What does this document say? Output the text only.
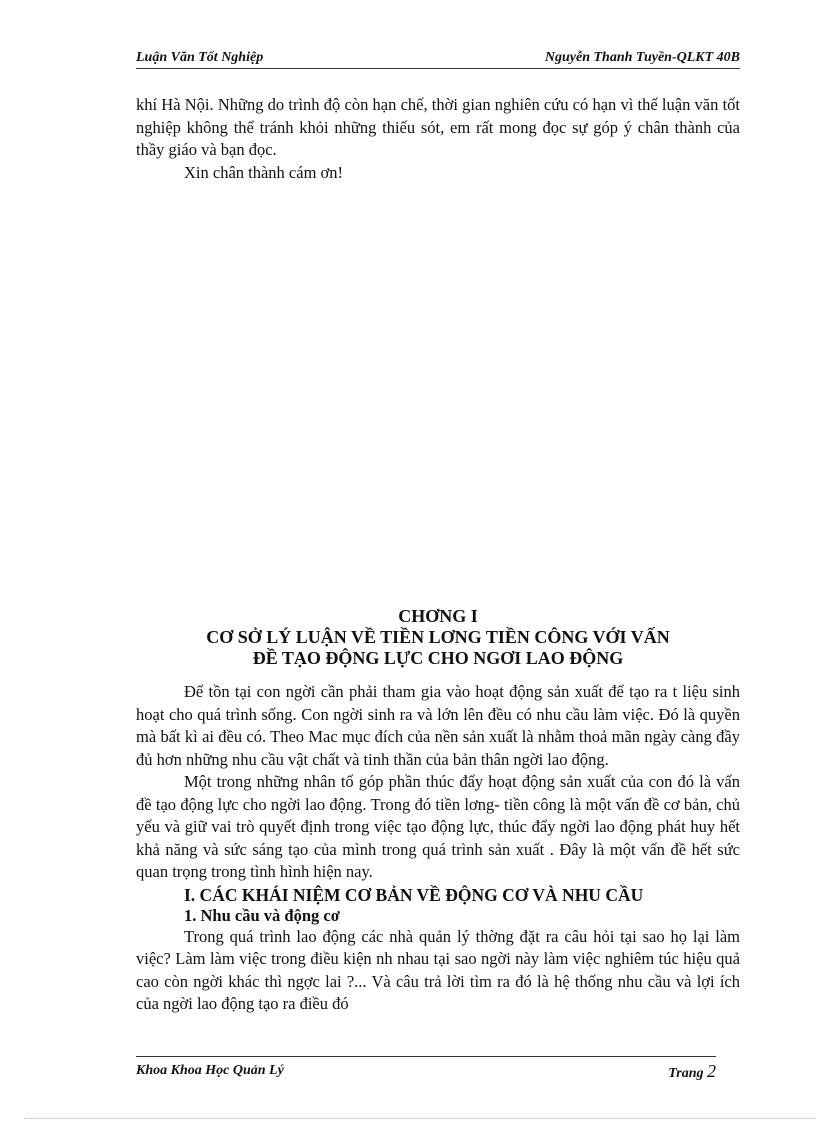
Luận Văn Tốt Nghiệp	Nguyễn Thanh Tuyền-QLKT 40B

khí Hà Nội. Những do trình độ còn hạn chế, thời gian nghiên cứu có hạn vì thế luận văn tốt nghiệp không thể tránh khỏi những thiếu sót, em rất mong đọc sự góp ý chân thành của thầy giáo và bạn đọc.

Xin chân thành cám ơn!

CHƠNG I
CƠ SỞ LÝ LUẬN VỀ TIỀN LƠNG TIỀN CÔNG VỚI VẤN
ĐỀ TẠO ĐỘNG LỰC CHO NGƠI LAO ĐỘNG

Để tồn tại con ngời cần phải tham gia vào hoạt động sản xuất để tạo ra t liệu sinh hoạt cho quá trình sống. Con ngời sinh ra và lớn lên đều có nhu cầu làm việc. Đó là quyền mà bất kì ai đều có. Theo Mac mục đích của nền sản xuất là nhằm thoả mãn ngày càng đầy đủ hơn những nhu cầu vật chất và tinh thần của bản thân ngời lao động.

Một trong những nhân tố góp phần thúc đẩy hoạt động sản xuất của con đó là vấn đề tạo động lực cho ngời lao động. Trong đó tiền lơng- tiền công là một vấn đề cơ bản, chủ yếu và giữ vai trò quyết định trong việc tạo động lực, thúc đẩy ngời lao động phát huy hết khả năng và sức sáng tạo của mình trong quá trình sản xuất . Đây là một vấn đề hết sức quan trọng trong tình hình hiện nay.

I. CÁC KHÁI NIỆM CƠ BẢN VỀ ĐỘNG CƠ VÀ NHU CẦU

1. Nhu cầu và động cơ

Trong quá trình lao động các nhà quản lý thờng đặt ra câu hỏi tại sao họ lại làm việc? Làm làm việc trong điều kiện nh nhau tại sao ngời này làm việc nghiêm túc hiệu quả cao còn ngời khác thì ngợc lai ?... Và câu trả lời tìm ra đó là hệ thống nhu cầu và lợi ích của ngời lao động tạo ra điều đó

Khoa Khoa Học Quản Lý	Trang 2
